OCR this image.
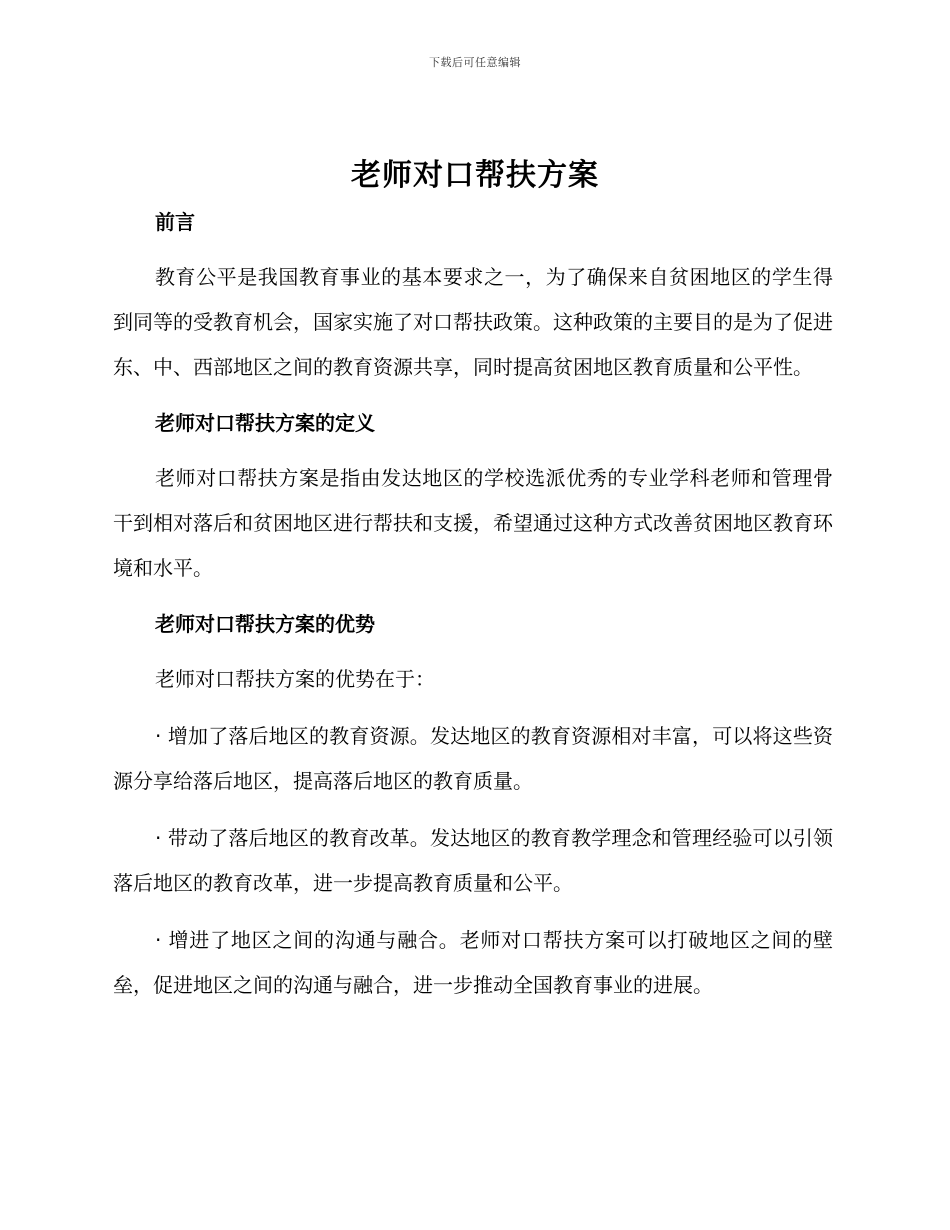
下载后可任意编辑
老师对口帮扶方案
前言

教育公平是我国教育事业的基本要求之一，为了确保来自贫困地区的学生得到同等的受教育机会，国家实施了对口帮扶政策。这种政策的主要目的是为了促进东、中、西部地区之间的教育资源共享，同时提高贫困地区教育质量和公平性。

老师对口帮扶方案的定义

老师对口帮扶方案是指由发达地区的学校选派优秀的专业学科老师和管理骨干到相对落后和贫困地区进行帮扶和支援，希望通过这种方式改善贫困地区教育环境和水平。

老师对口帮扶方案的优势

老师对口帮扶方案的优势在于：

· 增加了落后地区的教育资源。发达地区的教育资源相对丰富，可以将这些资源分享给落后地区，提高落后地区的教育质量。

· 带动了落后地区的教育改革。发达地区的教育教学理念和管理经验可以引领落后地区的教育改革，进一步提高教育质量和公平。

· 增进了地区之间的沟通与融合。老师对口帮扶方案可以打破地区之间的壁垒，促进地区之间的沟通与融合，进一步推动全国教育事业的进展。
